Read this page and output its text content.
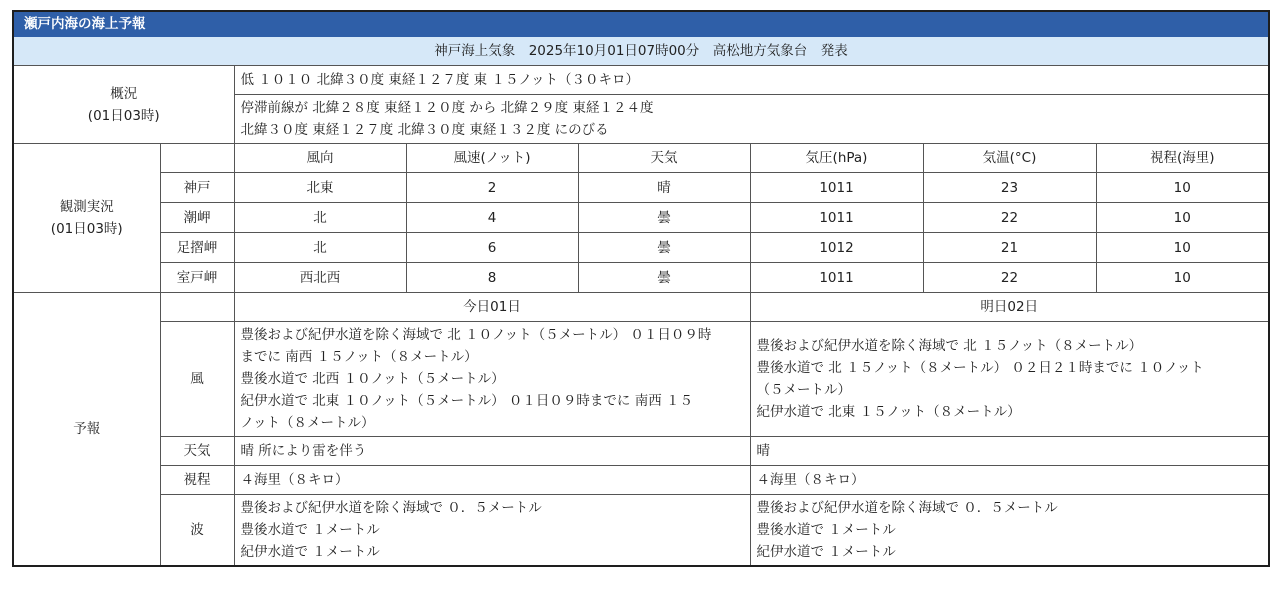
瀬戸内海の海上予報							
神戸海上気象　2025年10月01日07時00分　高松地方気象台　発表							

概況
(01日03時)		低 １０１０ 北緯３０度 東経１２７度 東 １５ノット（３０キロ）					

		停滞前線が 北緯２８度 東経１２０度 から 北緯２９度 東経１２４度
北緯３０度 東経１２７度 北緯３０度 東経１３２度 にのびる					

観測実況
(01日03時)		風向	風速(ノット)	天気	気圧(hPa)	気温(°C)	視程(海里)
	神戸	北東	2	晴	1011	23	10
	潮岬	北	4	曇	1011	22	10
	足摺岬	北	6	曇	1012	21	10
	室戸岬	西北西	8	曇	1011	22	10
予報		今日01日			明日02日		
	風	豊後および紀伊水道を除く海域で 北 １０ノット（５メートル） ０１日０９時
までに 南西 １５ノット（８メートル）
豊後水道で 北西 １０ノット（５メートル）
紀伊水道で 北東 １０ノット（５メートル） ０１日０９時までに 南西 １５
ノット（８メートル）			豊後および紀伊水道を除く海域で 北 １５ノット（８メートル）
豊後水道で 北 １５ノット（８メートル） ０２日２１時までに １０ノット
（５メートル）
紀伊水道で 北東 １５ノット（８メートル）		

	天気	晴 所により雷を伴う			晴		
	視程	４海里（８キロ）			４海里（８キロ）		
	波	豊後および紀伊水道を除く海域で ０．５メートル
豊後水道で １メートル
紀伊水道で １メートル			豊後および紀伊水道を除く海域で ０．５メートル
豊後水道で １メートル
紀伊水道で １メートル		
